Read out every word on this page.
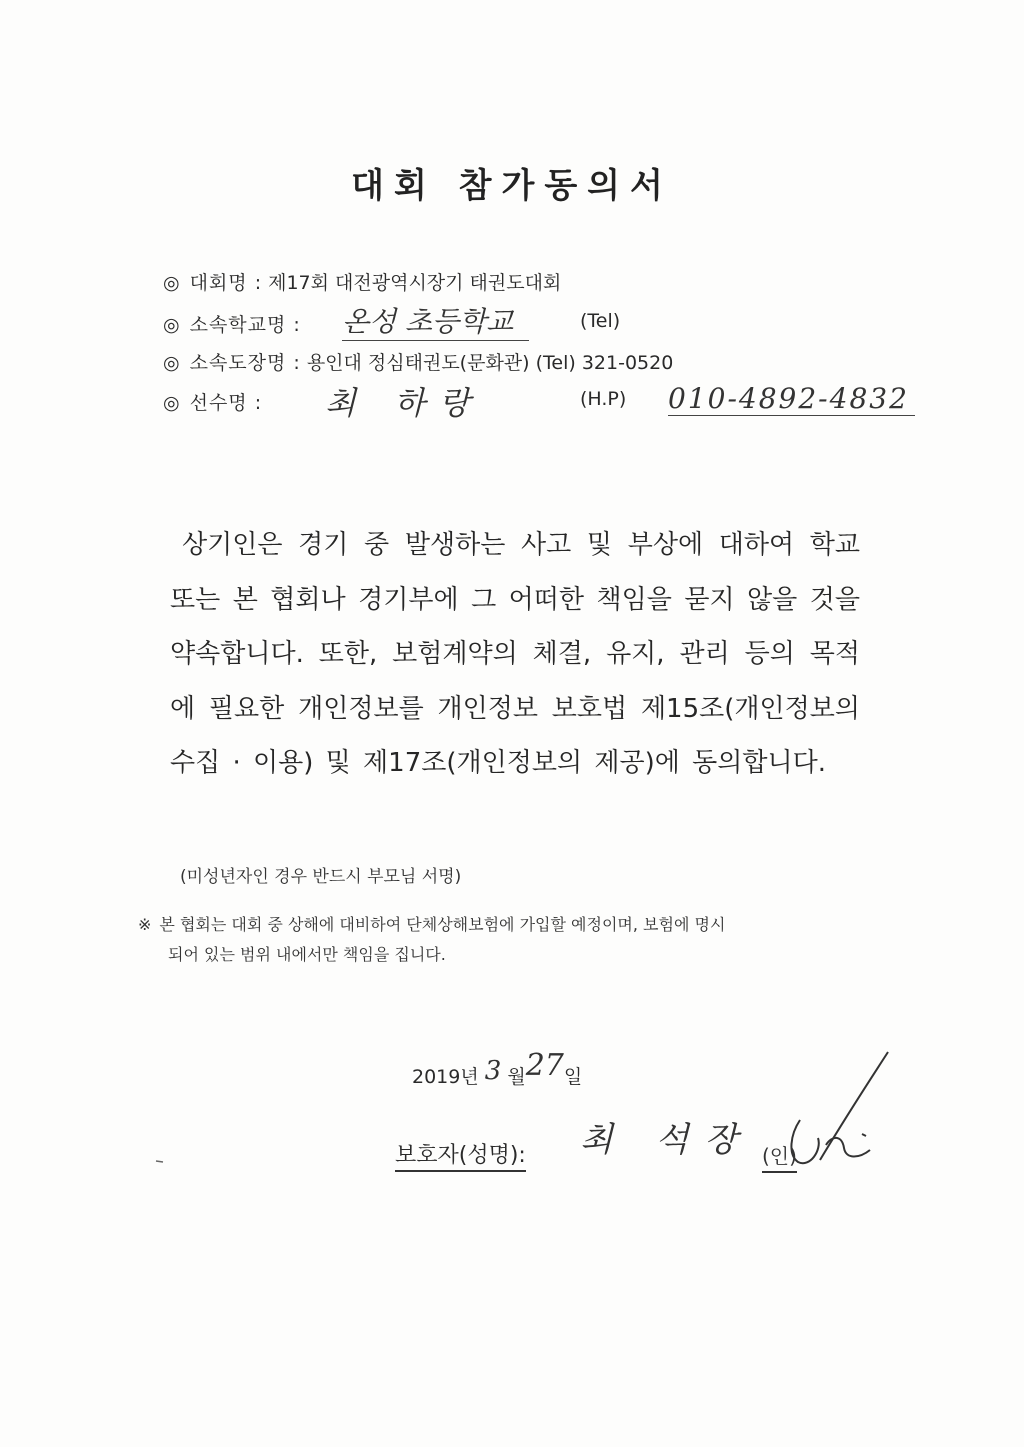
대회 참가동의서
◎ 대회명 : 제17회 대전광역시장기 태권도대회
◎ 소속학교명 : 온성 초등학교	(Tel)
◎ 소속도장명 : 용인대 정심태권도(문화관) (Tel) 321-0520
◎ 선수명 : 최 하랑	(H.P) 010-4892-4832
상기인은 경기 중 발생하는 사고 및 부상에 대하여 학교 또는 본 협회나 경기부에 그 어떠한 책임을 묻지 않을 것을 약속합니다. 또한, 보험계약의 체결, 유지, 관리 등의 목적에 필요한 개인정보를 개인정보 보호법 제15조(개인정보의 수집 · 이용) 및 제17조(개인정보의 제공)에 동의합니다.
(미성년자인 경우 반드시 부모님 서명)
※ 본 협회는 대회 중 상해에 대비하여 단체상해보험에 가입할 예정이며, 보험에 명시
되어 있는 범위 내에서만 책임을 집니다.
2019년 3 월27일
보호자(성명): 최 석장 (인)
